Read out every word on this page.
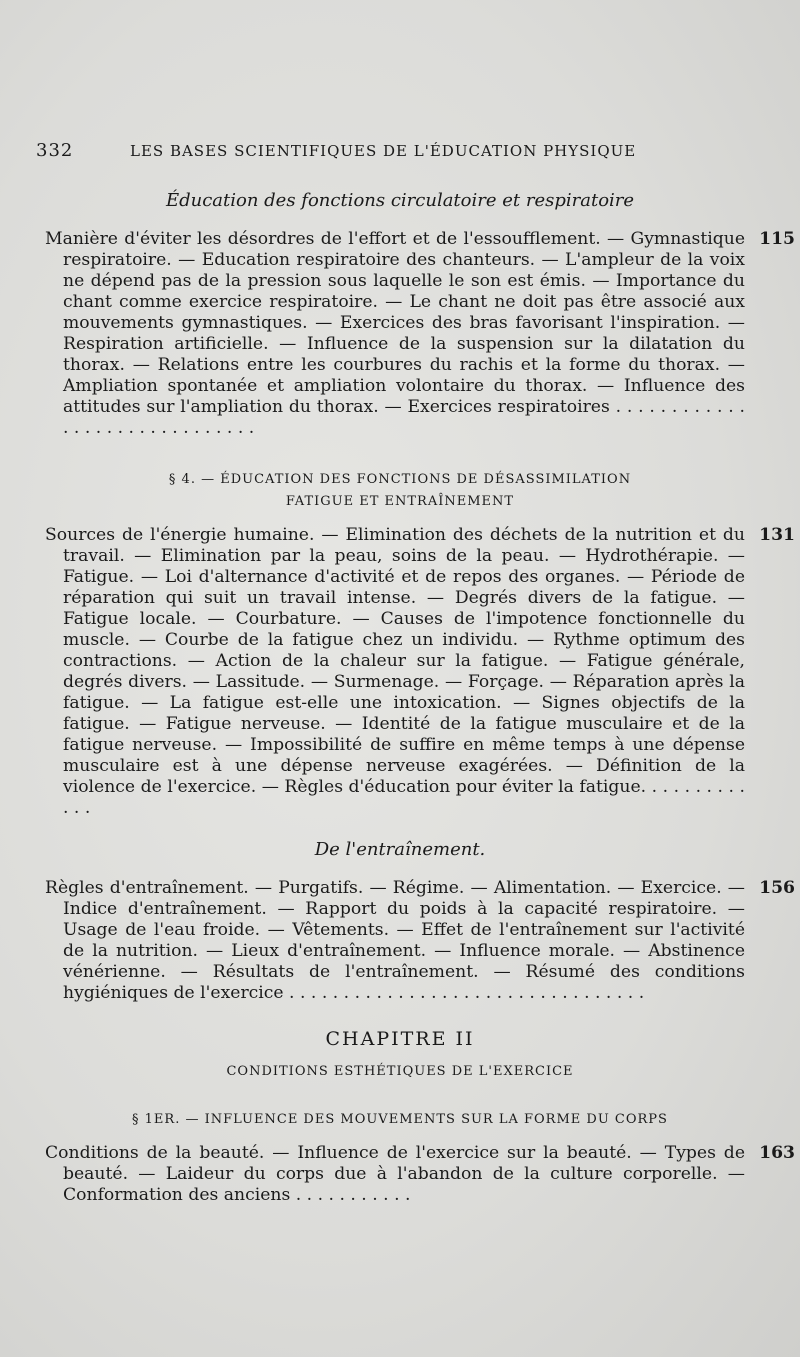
332	LES BASES SCIENTIFIQUES DE L'ÉDUCATION PHYSIQUE
Éducation des fonctions circulatoire et respiratoire

115
Manière d'éviter les désordres de l'effort et de l'essoufflement. — Gymnastique respiratoire. — Education respiratoire des chanteurs. — L'ampleur de la voix ne dépend pas de la pression sous laquelle le son est émis. — Importance du chant comme exercice respiratoire. — Le chant ne doit pas être associé aux mouvements gymnastiques. — Exercices des bras favorisant l'inspiration. — Respiration artificielle. — Influence de la suspension sur la dilatation du thorax. — Relations entre les courbures du rachis et la forme du thorax. — Ampliation spontanée et ampliation volontaire du thorax. — Influence des attitudes sur l'ampliation du thorax. — Exercices respiratoires . . . . . . . . . . . . . . . . . . . . . . . . . . . . . .

§ 4. — ÉDUCATION DES FONCTIONS DE DÉSASSIMILATION
FATIGUE ET ENTRAÎNEMENT

131
Sources de l'énergie humaine. — Elimination des déchets de la nutrition et du travail. — Elimination par la peau, soins de la peau. — Hydrothérapie. — Fatigue. — Loi d'alternance d'activité et de repos des organes. — Période de réparation qui suit un travail intense. — Degrés divers de la fatigue. — Fatigue locale. — Courbature. — Causes de l'impotence fonctionnelle du muscle. — Courbe de la fatigue chez un individu. — Rythme optimum des contractions. — Action de la chaleur sur la fatigue. — Fatigue générale, degrés divers. — Lassitude. — Surmenage. — Forçage. — Réparation après la fatigue. — La fatigue est-elle une intoxication. — Signes objectifs de la fatigue. — Fatigue nerveuse. — Identité de la fatigue musculaire et de la fatigue nerveuse. — Impossibilité de suffire en même temps à une dépense musculaire est à une dépense nerveuse exagérées. — Définition de la violence de l'exercice. — Règles d'éducation pour éviter la fatigue. . . . . . . . . . . . .

De l'entraînement.

156
Règles d'entraînement. — Purgatifs. — Régime. — Alimentation. — Exercice. — Indice d'entraînement. — Rapport du poids à la capacité respiratoire. — Usage de l'eau froide. — Vêtements. — Effet de l'entraînement sur l'activité de la nutrition. — Lieux d'entraînement. — Influence morale. — Abstinence vénérienne. — Résultats de l'entraînement. — Résumé des conditions hygiéniques de l'exercice . . . . . . . . . . . . . . . . . . . . . . . . . . . . . . . . .

CHAPITRE II
CONDITIONS ESTHÉTIQUES DE L'EXERCICE
§ 1ER. — INFLUENCE DES MOUVEMENTS SUR LA FORME DU CORPS

163
Conditions de la beauté. — Influence de l'exercice sur la beauté. — Types de beauté. — Laideur du corps due à l'abandon de la culture corporelle. — Conformation des anciens . . . . . . . . . . .
